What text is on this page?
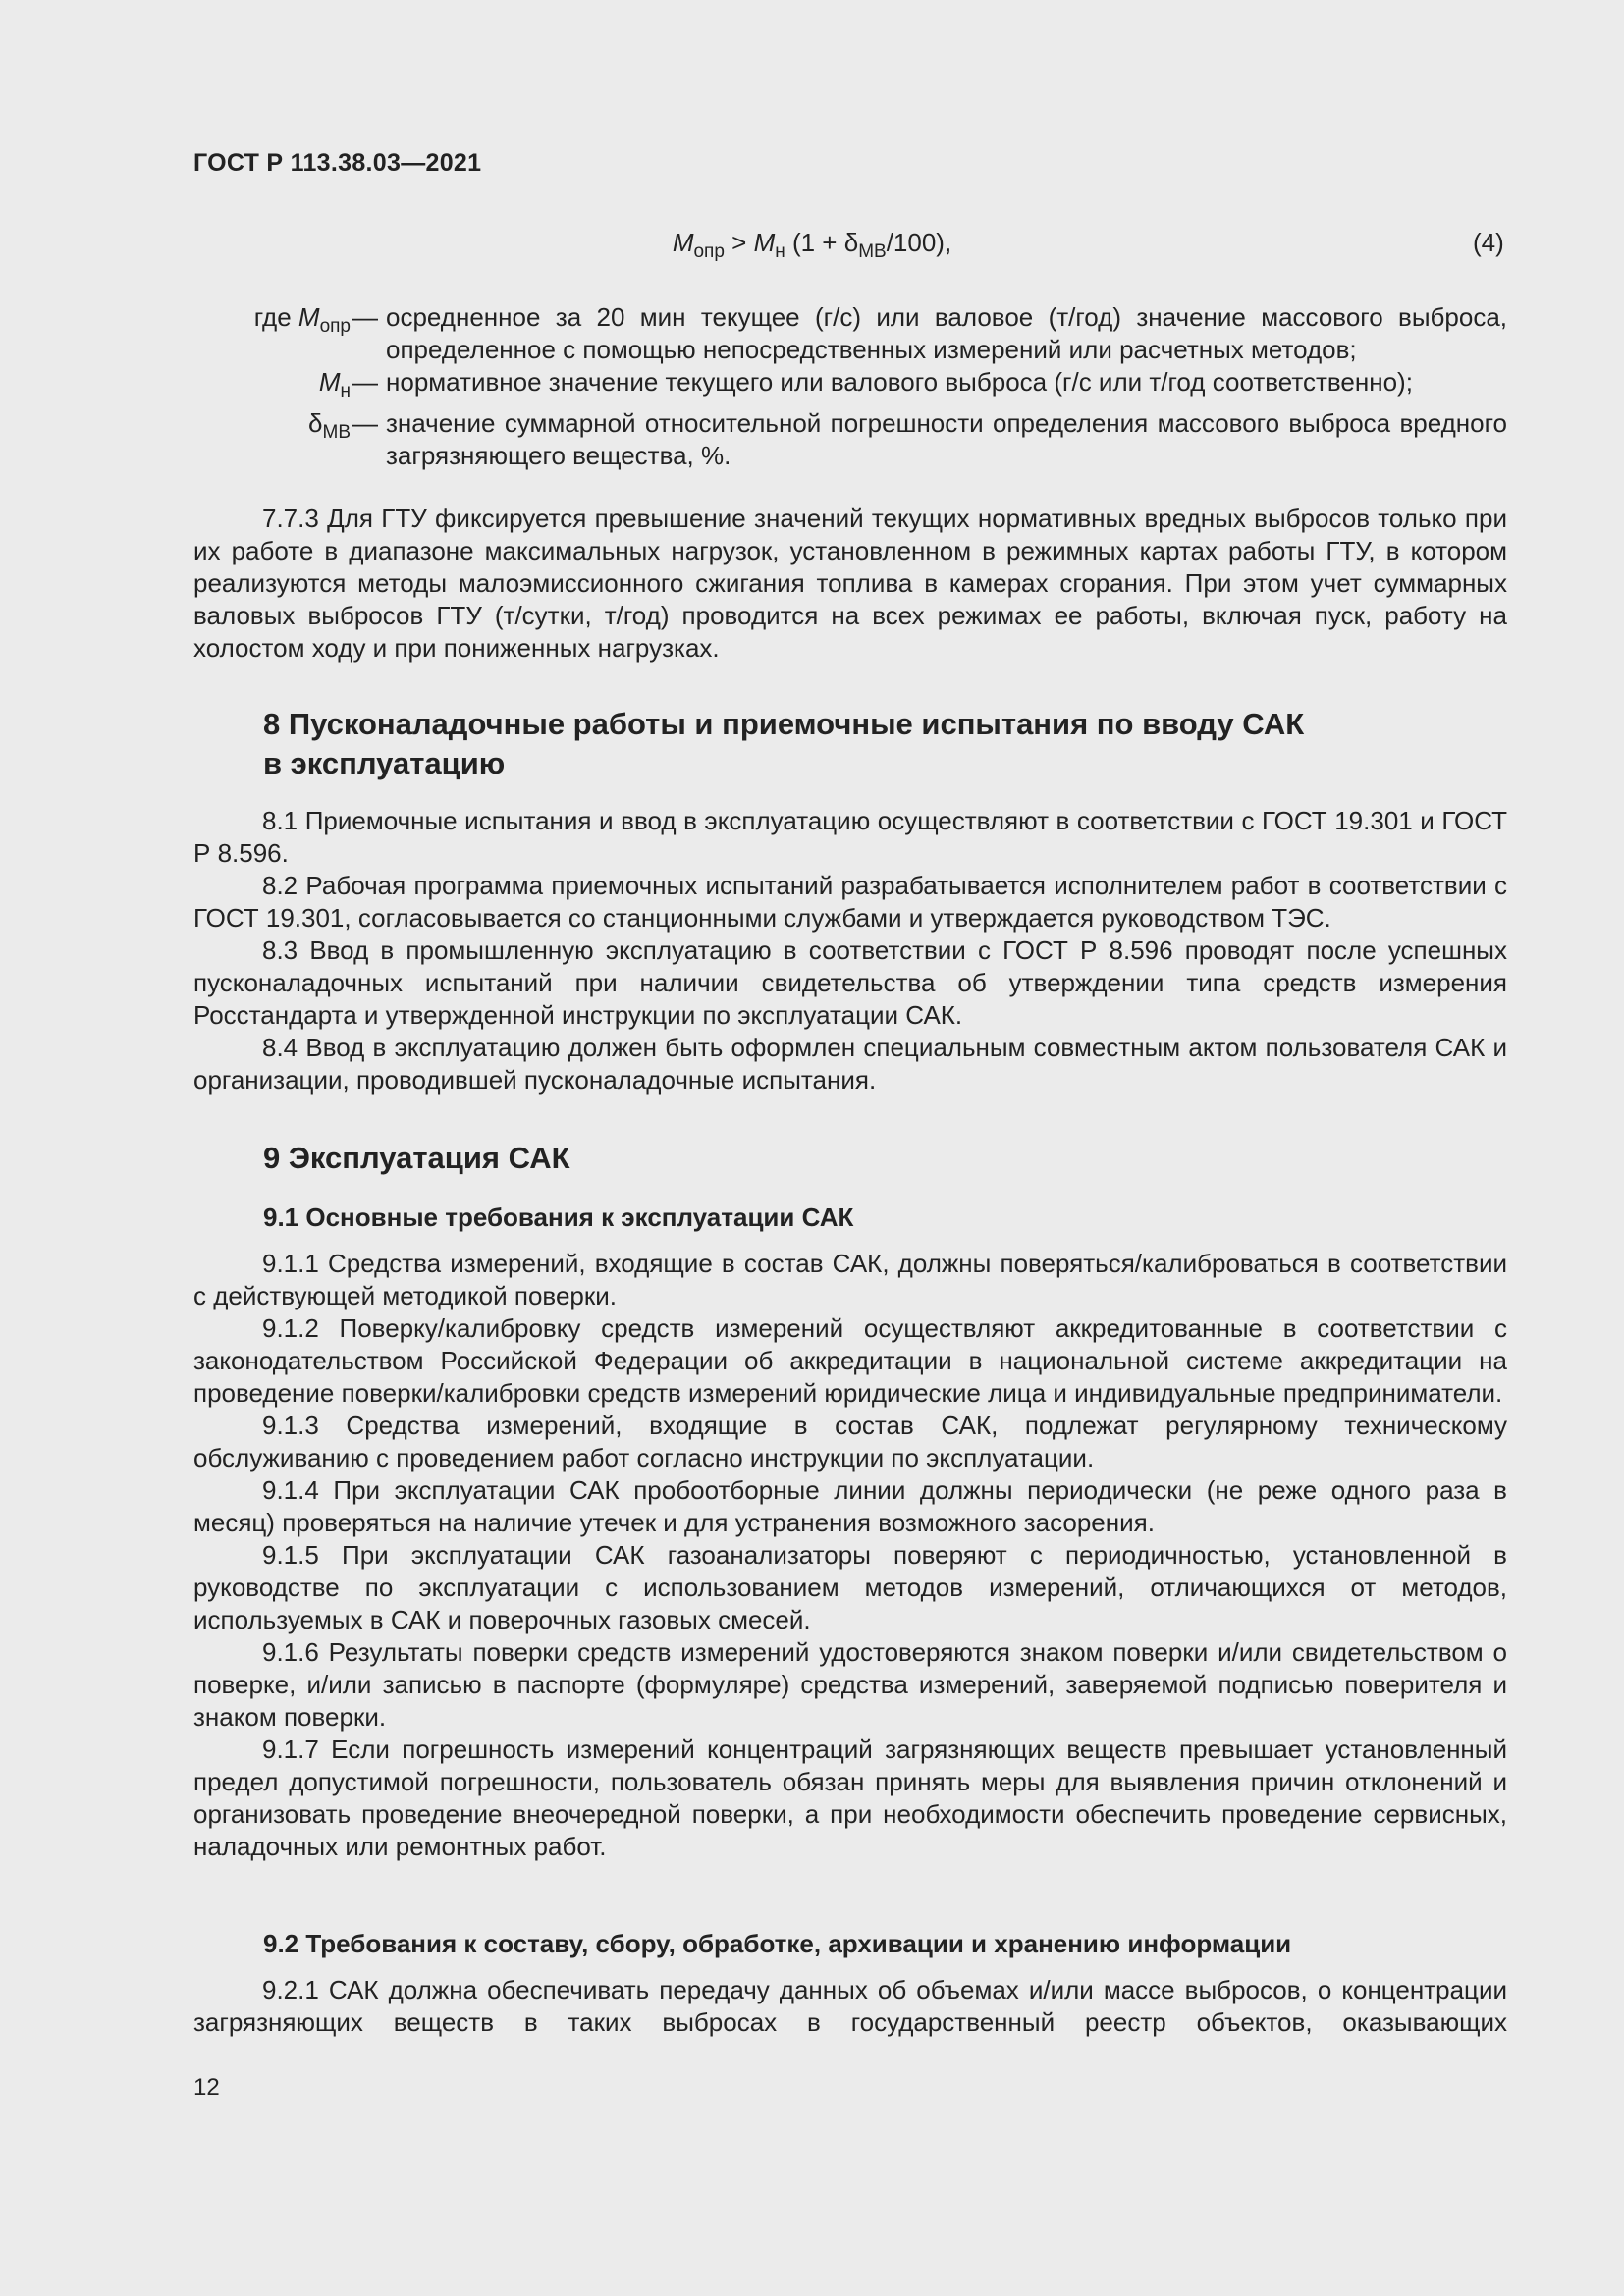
ГОСТ Р 113.38.03—2021
$M_{опр} > M_н$ $(1 + \delta_{МВ}/100)$,	(4)
где $M_{опр}$ — осредненное за 20 мин текущее (г/с) или валовое (т/год) значение массового выброса, определенное с помощью непосредственных измерений или расчетных методов;
$M_н$ — нормативное значение текущего или валового выброса (г/с или т/год соответственно);
$\delta_{МВ}$ — значение суммарной относительной погрешности определения массового выброса вредного загрязняющего вещества, %.

7.7.3 Для ГТУ фиксируется превышение значений текущих нормативных вредных выбросов только при их работе в диапазоне максимальных нагрузок, установленном в режимных картах работы ГТУ, в котором реализуются методы малоэмиссионного сжигания топлива в камерах сгорания. При этом учет суммарных валовых выбросов ГТУ (т/сутки, т/год) проводится на всех режимах ее работы, включая пуск, работу на холостом ходу и при пониженных нагрузках.

8 Пусконаладочные работы и приемочные испытания по вводу САК
в эксплуатацию

8.1 Приемочные испытания и ввод в эксплуатацию осуществляют в соответствии с ГОСТ 19.301 и ГОСТ Р 8.596.

8.2 Рабочая программа приемочных испытаний разрабатывается исполнителем работ в соответствии с ГОСТ 19.301, согласовывается со станционными службами и утверждается руководством ТЭС.

8.3 Ввод в промышленную эксплуатацию в соответствии с ГОСТ Р 8.596 проводят после успешных пусконаладочных испытаний при наличии свидетельства об утверждении типа средств измерения Росстандарта и утвержденной инструкции по эксплуатации САК.

8.4 Ввод в эксплуатацию должен быть оформлен специальным совместным актом пользователя САК и организации, проводившей пусконаладочные испытания.

9 Эксплуатация САК
9.1 Основные требования к эксплуатации САК

9.1.1 Средства измерений, входящие в состав САК, должны поверяться/калиброваться в соответствии с действующей методикой поверки.

9.1.2 Поверку/калибровку средств измерений осуществляют аккредитованные в соответствии с законодательством Российской Федерации об аккредитации в национальной системе аккредитации на проведение поверки/калибровки средств измерений юридические лица и индивидуальные предприниматели.

9.1.3 Средства измерений, входящие в состав САК, подлежат регулярному техническому обслуживанию с проведением работ согласно инструкции по эксплуатации.

9.1.4 При эксплуатации САК пробоотборные линии должны периодически (не реже одного раза в месяц) проверяться на наличие утечек и для устранения возможного засорения.

9.1.5 При эксплуатации САК газоанализаторы поверяют с периодичностью, установленной в руководстве по эксплуатации с использованием методов измерений, отличающихся от методов, используемых в САК и поверочных газовых смесей.

9.1.6 Результаты поверки средств измерений удостоверяются знаком поверки и/или свидетельством о поверке, и/или записью в паспорте (формуляре) средства измерений, заверяемой подписью поверителя и знаком поверки.

9.1.7 Если погрешность измерений концентраций загрязняющих веществ превышает установленный предел допустимой погрешности, пользователь обязан принять меры для выявления причин отклонений и организовать проведение внеочередной поверки, а при необходимости обеспечить проведение сервисных, наладочных или ремонтных работ.

9.2 Требования к составу, сбору, обработке, архивации и хранению информации

9.2.1 САК должна обеспечивать передачу данных об объемах и/или массе выбросов, о концентрации загрязняющих веществ в таких выбросах в государственный реестр объектов, оказывающих

12
